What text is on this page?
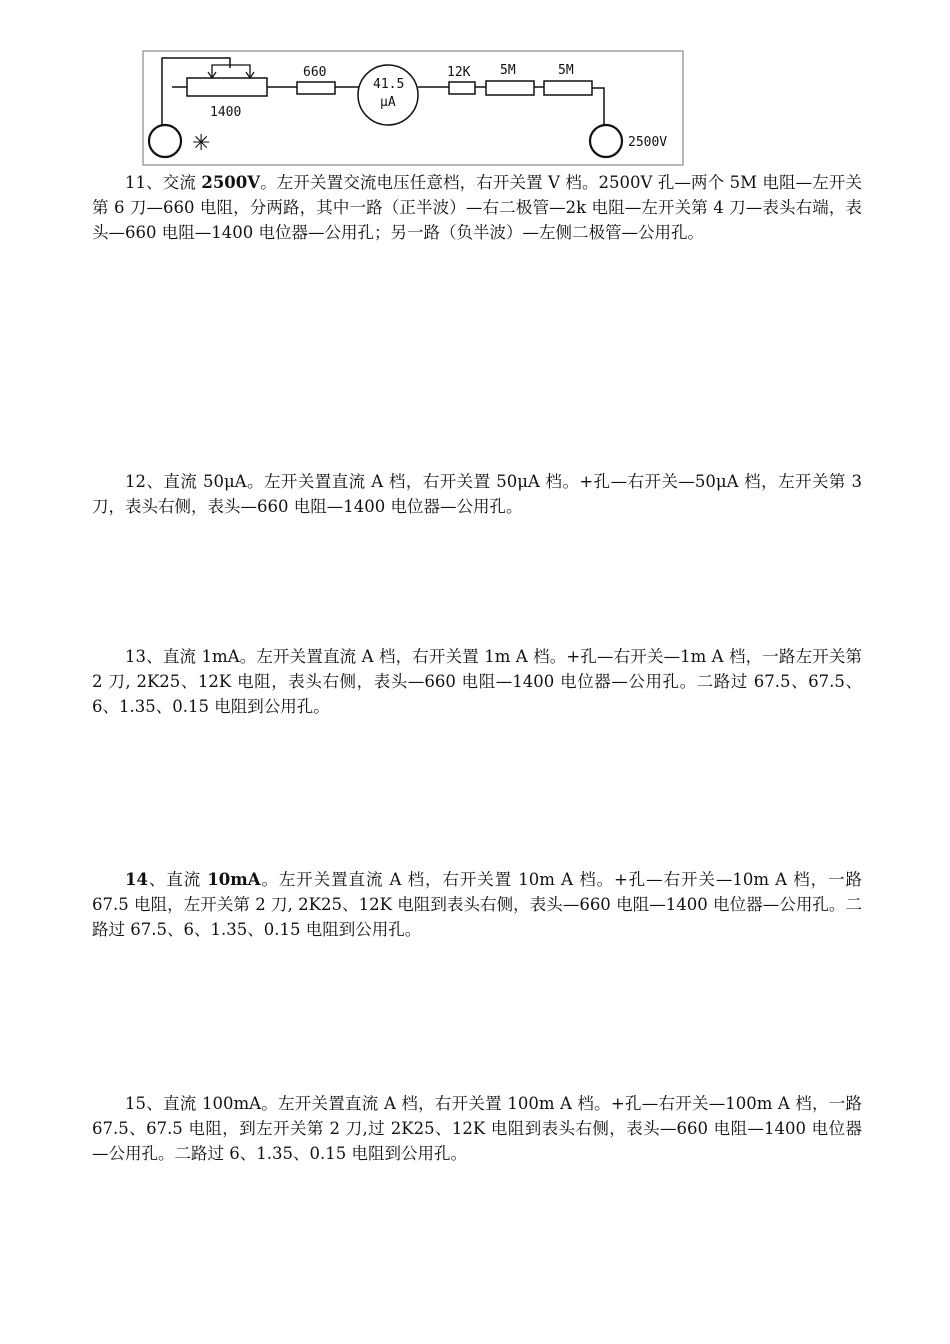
1400
660
41.5
μA
12K 5M	5M
✳	2500V

11、交流 2500V。左开关置交流电压任意档，右开关置 V 档。2500V 孔—两个 5M 电阻—左开关第 6 刀—660 电阻，分两路，其中一路（正半波）—右二极管—2k 电阻—左开关第 4 刀—表头右端，表头—660 电阻—1400 电位器—公用孔；另一路（负半波）—左侧二极管—公用孔。

12、直流 50μA。左开关置直流 A 档，右开关置 50μA 档。+孔—右开关—50μA 档，左开关第 3 刀，表头右侧，表头—660 电阻—1400 电位器—公用孔。

13、直流 1mA。左开关置直流 A 档，右开关置 1m A 档。+孔—右开关—1m A 档，一路左开关第 2 刀, 2K25、12K 电阻，表头右侧，表头—660 电阻—1400 电位器—公用孔。二路过 67.5、67.5、6、1.35、0.15 电阻到公用孔。

14、直流 10mA。左开关置直流 A 档，右开关置 10m A 档。+孔—右开关—10m A 档，一路 67.5 电阻，左开关第 2 刀, 2K25、12K 电阻到表头右侧，表头—660 电阻—1400 电位器—公用孔。二路过 67.5、6、1.35、0.15 电阻到公用孔。

15、直流 100mA。左开关置直流 A 档，右开关置 100m A 档。+孔—右开关—100m A 档，一路 67.5、67.5 电阻，到左开关第 2 刀,过 2K25、12K 电阻到表头右侧，表头—660 电阻—1400 电位器—公用孔。二路过 6、1.35、0.15 电阻到公用孔。
